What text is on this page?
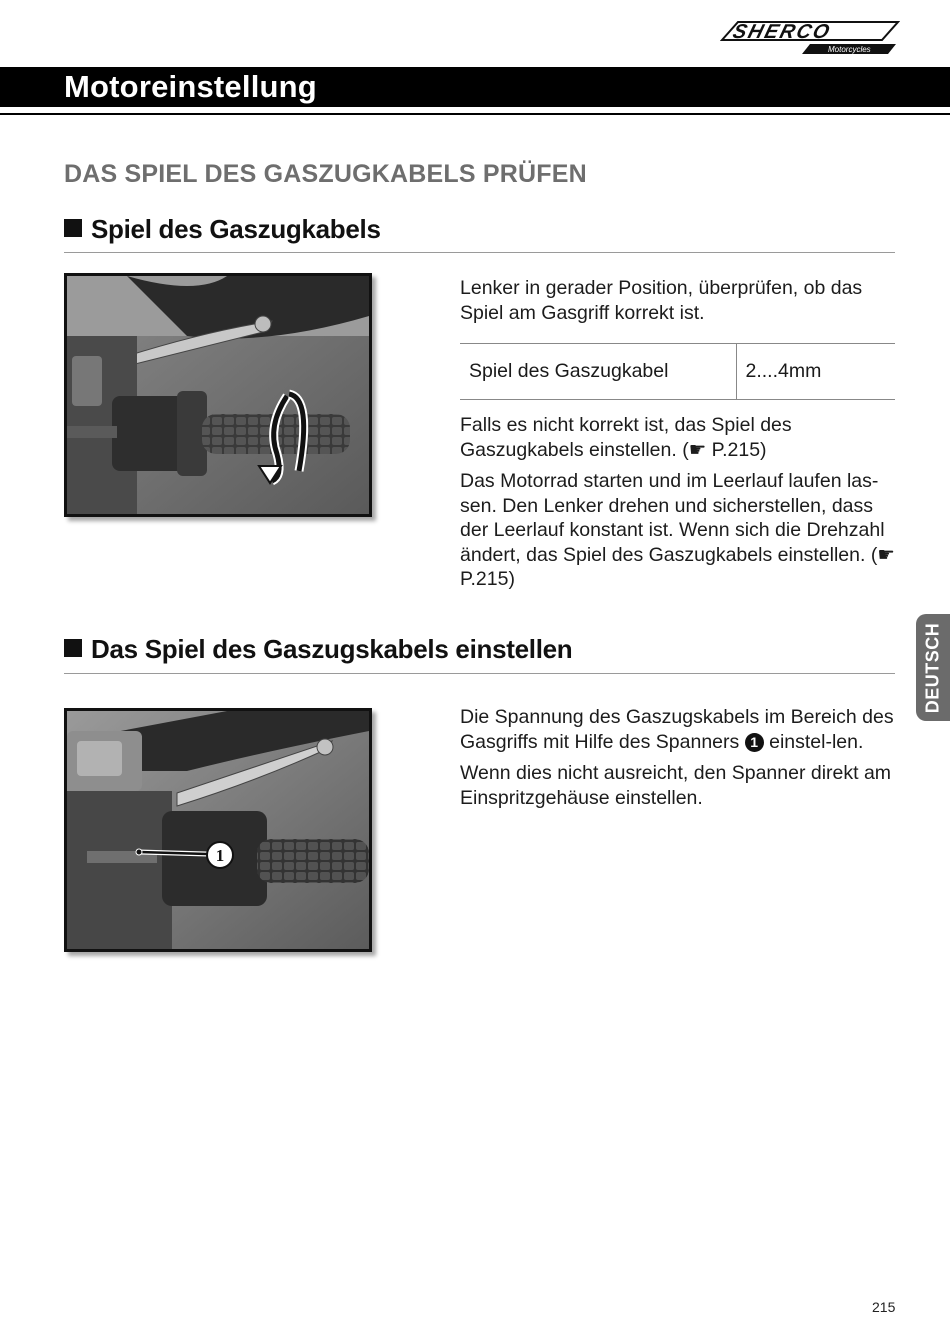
SHERCO
Motorcycles
Motoreinstellung
DAS SPIEL DES GASZUGKABELS PRÜFEN
Spiel des Gaszugkabels

Lenker in gerader Position, überprüfen, ob das Spiel am Gasgriff korrekt ist.

Spiel des Gaszugkabel	2....4mm

Falls es nicht korrekt ist, das Spiel des Gaszugkabels einstellen. (☛ P.215)

Das Motorrad starten und im Leerlauf laufen las-sen. Den Lenker drehen und sicherstellen, dass der Leerlauf konstant ist. Wenn sich die Drehzahl ändert, das Spiel des Gaszugkabels einstellen. (☛ P.215)

Das Spiel des Gaszugskabels einstellen
1

Die Spannung des Gaszugskabels im Bereich des Gasgriffs mit Hilfe des Spanners 1 einstel-len.

Wenn dies nicht ausreicht, den Spanner direkt am Einspritzgehäuse einstellen.

DEUTSCH
215
